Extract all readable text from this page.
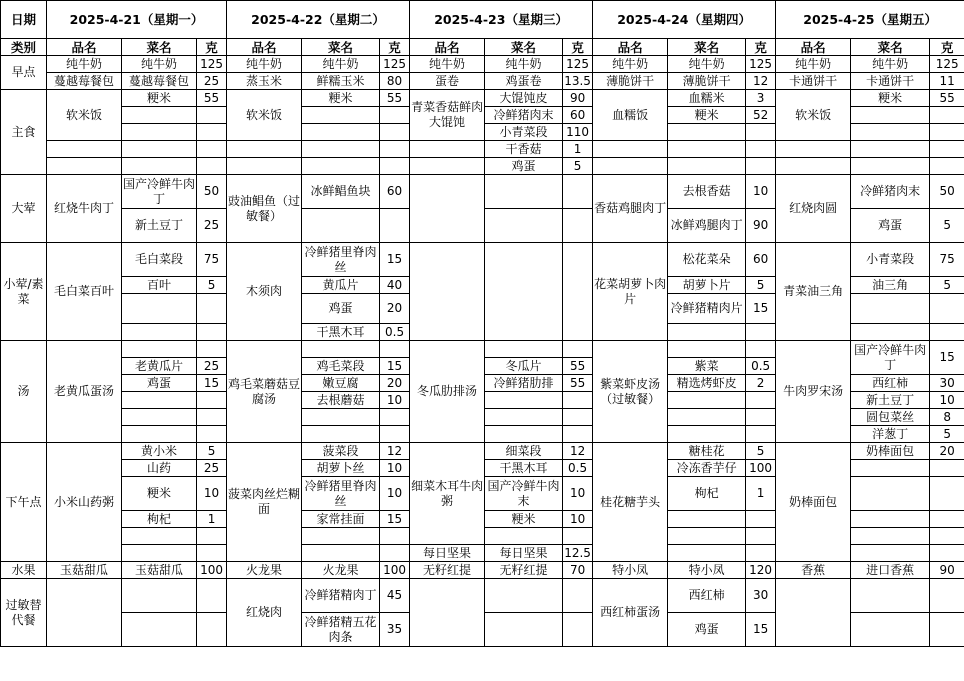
日期	2025-4-21（星期一）			2025-4-22（星期二）			2025-4-23（星期三）			2025-4-24（星期四）			2025-4-25（星期五）		
类别	品名	菜名	克	品名	菜名	克	品名	菜名	克	品名	菜名	克	品名	菜名	克
早点	纯牛奶	纯牛奶	125	纯牛奶	纯牛奶	125	纯牛奶	纯牛奶	125	纯牛奶	纯牛奶	125	纯牛奶	纯牛奶	125
	蔓越莓餐包	蔓越莓餐包	25	蒸玉米	鲜糯玉米	80	蛋卷	鸡蛋卷	13.5	薄脆饼干	薄脆饼干	12	卡通饼干	卡通饼干	11
主食	软米饭	粳米	55	软米饭	粳米	55	青菜香菇鲜肉大馄饨	大馄饨皮	90	血糯饭	血糯米	3	软米饭	粳米	55
								冷鲜猪肉末	60		粳米	52			
								小青菜段	110						
								干香菇	1						
								鸡蛋	5						
大荤	红烧牛肉丁	国产冷鲜牛肉丁	50	豉油鲳鱼（过敏餐）	冰鲜鲳鱼块	60				香菇鸡腿肉丁	去根香菇	10	红烧肉圆	冷鲜猪肉末	50
		新土豆丁	25								冰鲜鸡腿肉丁	90		鸡蛋	5
小荤/素菜	毛白菜百叶	毛白菜段	75	木须肉	冷鲜猪里脊肉丝	15				花菜胡萝卜肉片	松花菜朵	60	青菜油三角	小青菜段	75
		百叶	5		黄瓜片	40					胡萝卜片	5		油三角	5
					鸡蛋	20					冷鲜猪精肉片	15			
					干黑木耳	0.5									
汤	老黄瓜蛋汤			鸡毛菜蘑菇豆腐汤			冬瓜肋排汤			紫菜虾皮汤（过敏餐）			牛肉罗宋汤	国产冷鲜牛肉丁	15
		老黄瓜片	25		鸡毛菜段	15		冬瓜片	55		紫菜	0.5			
		鸡蛋	15		嫩豆腐	20		冷鲜猪肋排	55		精选烤虾皮	2		西红柿	30
					去根蘑菇	10								新土豆丁	10
														圆包菜丝	8
														洋葱丁	5
下午点	小米山药粥	黄小米	5	菠菜肉丝烂糊面	菠菜段	12	细菜木耳牛肉粥	细菜段	12	桂花糖芋头	糖桂花	5	奶棒面包	奶棒面包	20
		山药	25		胡萝卜丝	10		干黑木耳	0.5		冷冻香芋仔	100			
		粳米	10		冷鲜猪里脊肉丝	10		国产冷鲜牛肉末	10		枸杞	1			
		枸杞	1		家常挂面	15		粳米	10						

							每日坚果	每日坚果	12.5						
水果	玉菇甜瓜	玉菇甜瓜	100	火龙果	火龙果	100	无籽红提	无籽红提	70	特小凤	特小凤	120	香蕉	进口香蕉	90
过敏替代餐				红烧肉	冷鲜猪精肉丁	45				西红柿蛋汤	西红柿	30			
					冷鲜猪精五花肉条	35					鸡蛋	15			
